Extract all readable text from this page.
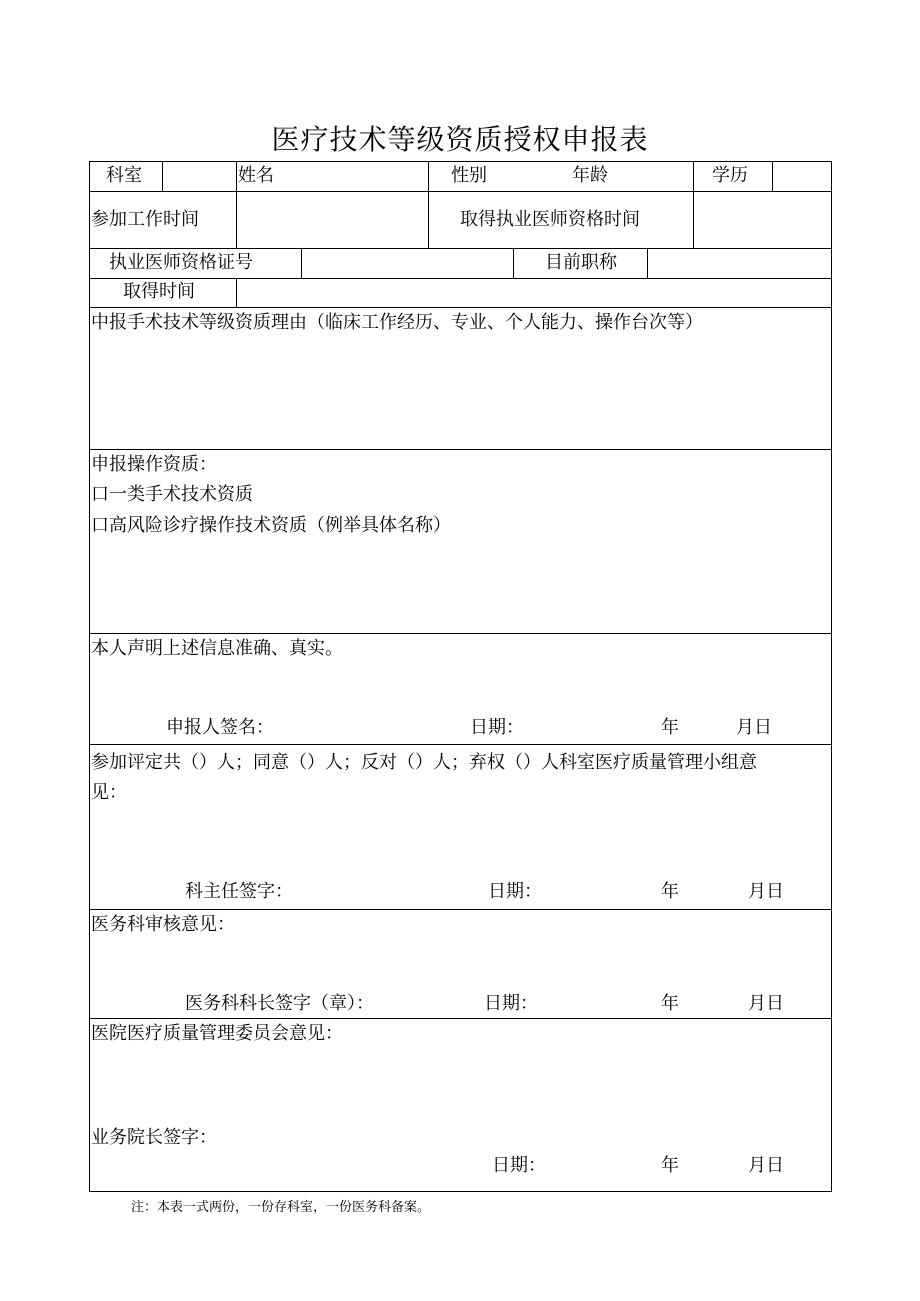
医疗技术等级资质授权申报表
科室	姓名	性别	年龄	学历
参加工作时间	取得执业医师资格时间
执业医师资格证号	目前职称
取得时间
中报手术技术等级资质理由（临床工作经历、专业、个人能力、操作台次等）
申报操作资质：
口一类手术技术资质
口高风险诊疗操作技术资质（例举具体名称）
本人声明上述信息准确、真实。
申报人签名：	日期：	年	月日
参加评定共（）人；同意（）人；反对（）人；弃权（）人科室医疗质量管理小组意
见：
科主任签字：	日期：	年	月日
医务科审核意见：
医务科科长签字（章）：	日期：	年	月日
医院医疗质量管理委员会意见：
业务院长签字：
日期：	年	月日
注：本表一式两份，一份存科室，一份医务科备案。
